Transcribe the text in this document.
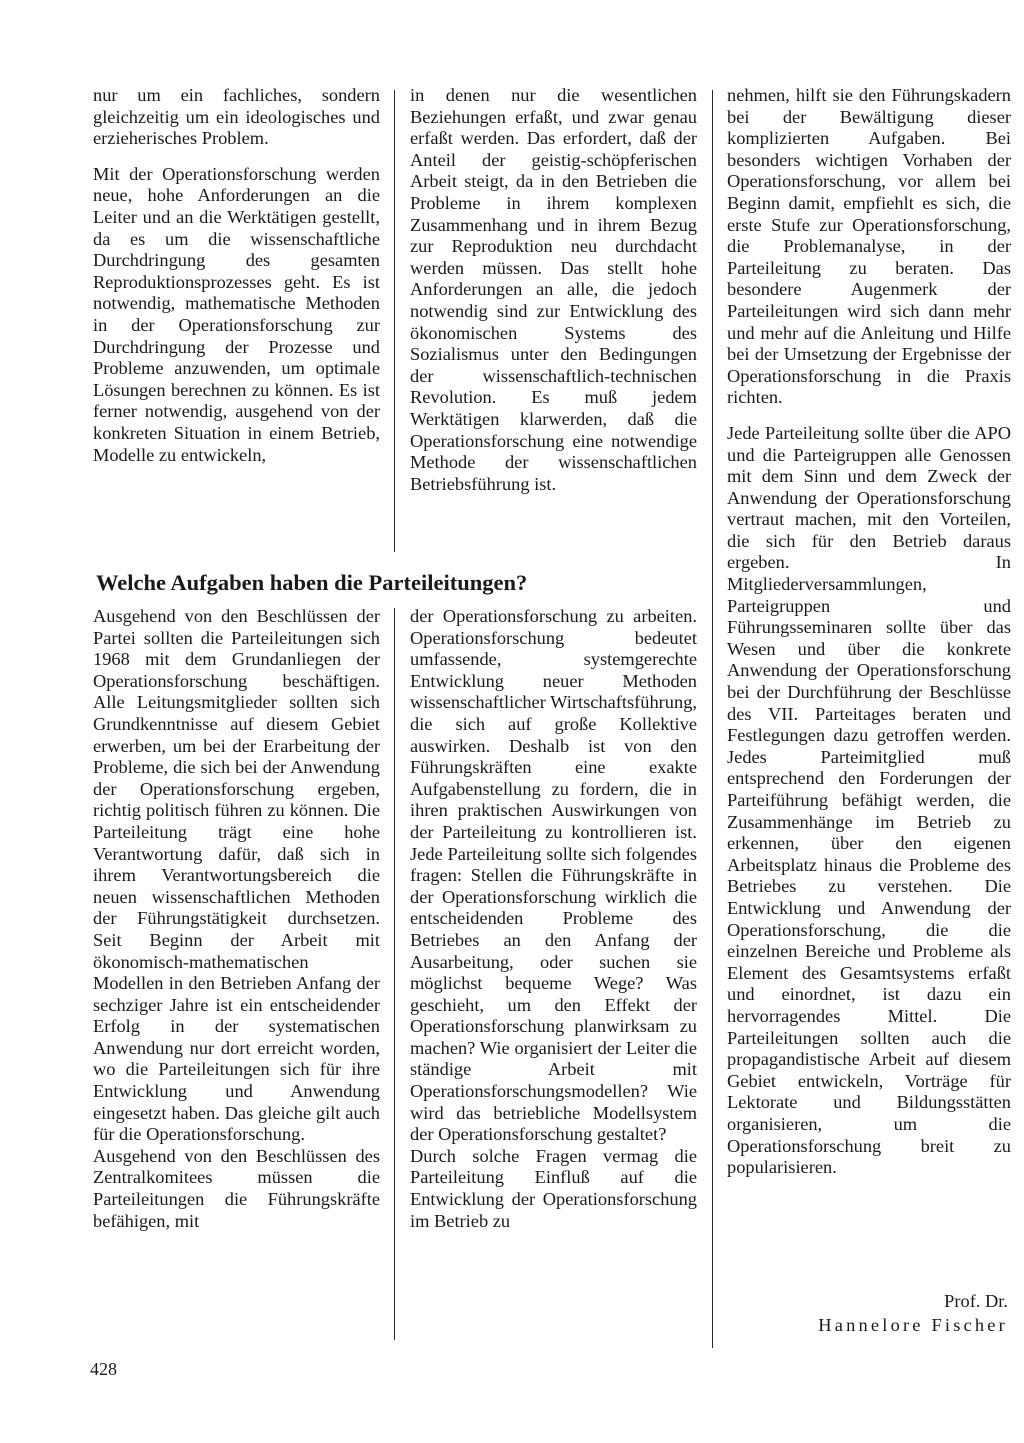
nur um ein fachliches, sondern gleichzeitig um ein ideologisches und erzieherisches Problem.

Mit der Operationsforschung werden neue, hohe Anforderungen an die Leiter und an die Werktätigen gestellt, da es um die wissenschaftliche Durchdringung des gesamten Reproduktionsprozesses geht. Es ist notwendig, mathematische Methoden in der Operationsforschung zur Durchdringung der Prozesse und Probleme anzuwenden, um optimale Lösungen berechnen zu können. Es ist ferner notwendig, ausgehend von der konkreten Situation in einem Betrieb, Modelle zu entwickeln,

in denen nur die wesentlichen Beziehungen erfaßt, und zwar genau erfaßt werden. Das erfordert, daß der Anteil der geistig-schöpferischen Arbeit steigt, da in den Betrieben die Probleme in ihrem komplexen Zusammenhang und in ihrem Bezug zur Reproduktion neu durchdacht werden müssen. Das stellt hohe Anforderungen an alle, die jedoch notwendig sind zur Entwicklung des ökonomischen Systems des Sozialismus unter den Bedingungen der wissenschaftlich-technischen Revolution. Es muß jedem Werktätigen klarwerden, daß die Operationsforschung eine notwendige Methode der wissenschaftlichen Betriebsführung ist.

Welche Aufgaben haben die Parteileitungen?

Ausgehend von den Beschlüssen der Partei sollten die Parteileitungen sich 1968 mit dem Grundanliegen der Operationsforschung beschäftigen. Alle Leitungsmitglieder sollten sich Grundkenntnisse auf diesem Gebiet erwerben, um bei der Erarbeitung der Probleme, die sich bei der Anwendung der Operationsforschung ergeben, richtig politisch führen zu können. Die Parteileitung trägt eine hohe Verantwortung dafür, daß sich in ihrem Verantwortungsbereich die neuen wissenschaftlichen Methoden der Führungstätigkeit durchsetzen. Seit Beginn der Arbeit mit ökonomisch-mathematischen Modellen in den Betrieben Anfang der sechziger Jahre ist ein entscheidender Erfolg in der systematischen Anwendung nur dort erreicht worden, wo die Parteileitungen sich für ihre Entwicklung und Anwendung eingesetzt haben. Das gleiche gilt auch für die Operationsforschung.

Ausgehend von den Beschlüssen des Zentralkomitees müssen die Parteileitungen die Führungskräfte befähigen, mit

der Operationsforschung zu arbeiten. Operationsforschung bedeutet umfassende, systemgerechte Entwicklung neuer Methoden wissenschaftlicher Wirtschaftsführung, die sich auf große Kollektive auswirken. Deshalb ist von den Führungskräften eine exakte Aufgabenstellung zu fordern, die in ihren praktischen Auswirkungen von der Parteileitung zu kontrollieren ist. Jede Parteileitung sollte sich folgendes fragen: Stellen die Führungskräfte in der Operationsforschung wirklich die entscheidenden Probleme des Betriebes an den Anfang der Ausarbeitung, oder suchen sie möglichst bequeme Wege? Was geschieht, um den Effekt der Operationsforschung planwirksam zu machen? Wie organisiert der Leiter die ständige Arbeit mit Operationsforschungsmodellen? Wie wird das betriebliche Modellsystem der Operationsforschung gestaltet?

Durch solche Fragen vermag die Parteileitung Einfluß auf die Entwicklung der Operationsforschung im Betrieb zu

nehmen, hilft sie den Führungskadern bei der Bewältigung dieser komplizierten Aufgaben. Bei besonders wichtigen Vorhaben der Operationsforschung, vor allem bei Beginn damit, empfiehlt es sich, die erste Stufe zur Operationsforschung, die Problemanalyse, in der Parteileitung zu beraten. Das besondere Augenmerk der Parteileitungen wird sich dann mehr und mehr auf die Anleitung und Hilfe bei der Umsetzung der Ergebnisse der Operationsforschung in die Praxis richten.

Jede Parteileitung sollte über die APO und die Parteigruppen alle Genossen mit dem Sinn und dem Zweck der Anwendung der Operationsforschung vertraut machen, mit den Vorteilen, die sich für den Betrieb daraus ergeben. In Mitgliederversammlungen, Parteigruppen und Führungsseminaren sollte über das Wesen und über die konkrete Anwendung der Operationsforschung bei der Durchführung der Beschlüsse des VII. Parteitages beraten und Festlegungen dazu getroffen werden. Jedes Parteimitglied muß entsprechend den Forderungen der Parteiführung befähigt werden, die Zusammenhänge im Betrieb zu erkennen, über den eigenen Arbeitsplatz hinaus die Probleme des Betriebes zu verstehen. Die Entwicklung und Anwendung der Operationsforschung, die die einzelnen Bereiche und Probleme als Element des Gesamtsystems erfaßt und einordnet, ist dazu ein hervorragendes Mittel. Die Parteileitungen sollten auch die propagandistische Arbeit auf diesem Gebiet entwickeln, Vorträge für Lektorate und Bildungsstätten organisieren, um die Operationsforschung breit zu popularisieren.

Prof. Dr.
Hannelore Fischer
428
